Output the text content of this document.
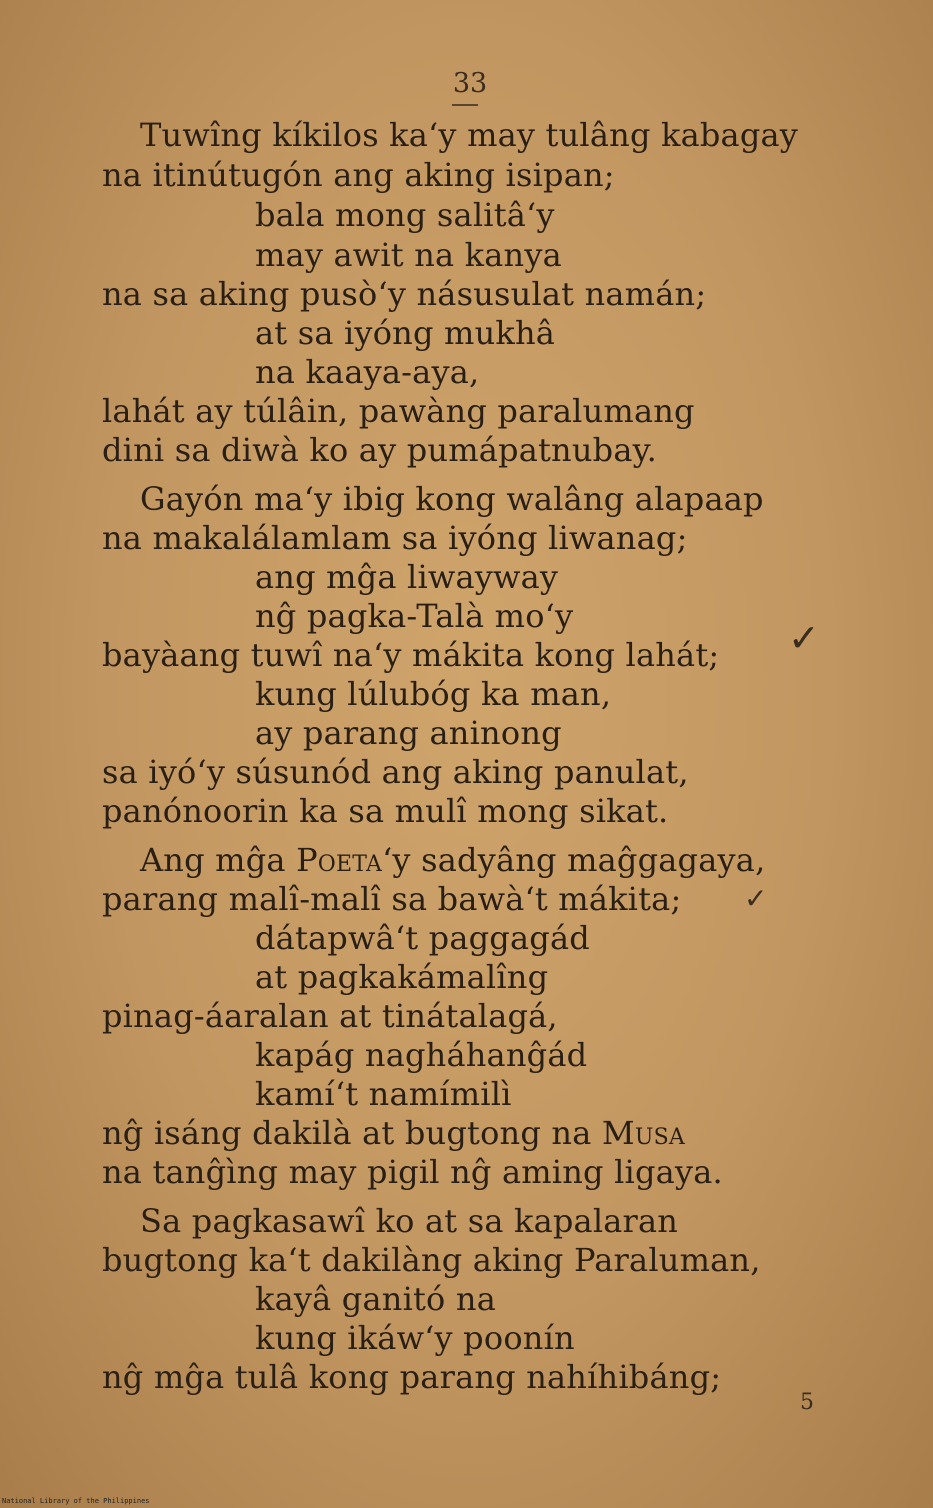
33
Tuwîng kíkilos ka‘y may tulâng kabagay
na itinútugón ang aking isipan;
bala mong salitâ‘y
may awit na kanya
na sa aking pusò‘y násusulat namán;
at sa iyóng mukhâ
na kaaya-aya,
lahát ay túlâin, pawàng paralumang
dini sa diwà ko ay pumápatnubay.
Gayón ma‘y ibig kong walâng alapaap
na makalálamlam sa iyóng liwanag;
ang mĝa liwayway
nĝ pagka-Talà mo‘y
bayàang tuwî na‘y mákita kong lahát;
kung lúlubóg ka man,
ay parang aninong
sa iyó‘y súsunód ang aking panulat,
panónoorin ka sa mulî mong sikat.
✓
Ang mĝa Poeta‘y sadyâng maĝgagaya,
parang malî-malî sa bawà‘t mákita;
dátapwâ‘t paggagád
at pagkakámalîng
pinag-áaralan at tinátalagá,
kapág nagháhanĝád
kamí‘t namímilì
nĝ isáng dakilà at bugtong na Musa
na tanĝìng may pigil nĝ aming ligaya.
✓
Sa pagkasawî ko at sa kapalaran
bugtong ka‘t dakilàng aking Paraluman,
kayâ ganitó na
kung ikáw‘y poonín
nĝ mĝa tulâ kong parang nahíhibáng;
5
National Library of the Philippines
